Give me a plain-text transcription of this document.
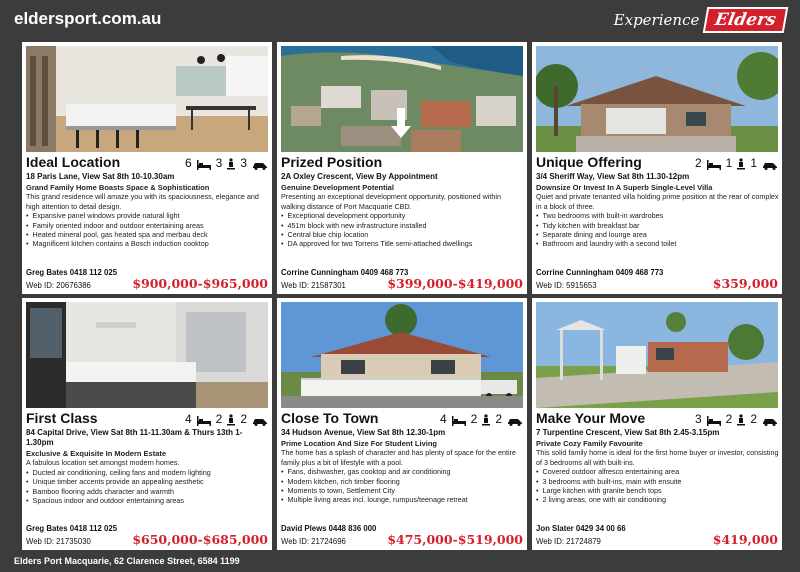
eldersport.com.au	Experience Elders
Ideal Location	6 3 3
18 Paris Lane, View Sat 8th 10-10.30am
Grand Family Home Boasts Space & Sophistication
This grand residence will amaze you with its spaciousness, elegance and high attention to detail design.
• Expansive panel windows provide natural light
• Family oriented indoor and outdoor entertaining areas
• Heated mineral pool, gas heated spa and merbau deck
• Magnificent kitchen contains a Bosch induction cooktop
Greg Bates 0418 112 025
Web ID: 20676386	$900,000-$965,000
Prized Position
2A Oxley Crescent, View By Appointment
Genuine Development Potential
Presenting an exceptional development opportunity, positioned within walking distance of Port Macquarie CBD.
• Exceptional development opportunity
• 451m block with new infrastructure installed
• Central blue chip location
• DA approved for two Torrens Title semi-attached dwellings
Corrine Cunningham 0409 468 773
Web ID: 21587301	$399,000-$419,000
Unique Offering	2 1 1
3/4 Sheriff Way, View Sat 8th 11.30-12pm
Downsize Or Invest In A Superb Single-Level Villa
Quiet and private tenanted villa holding prime position at the rear of complex in a block of three.
• Two bedrooms with built-in wardrobes
• Tidy kitchen with breakfast bar
• Separate dining and lounge area
• Bathroom and laundry with a second toilet
Corrine Cunningham 0409 468 773
Web ID: 5915653	$359,000
First Class	4 2 2
84 Capital Drive, View Sat 8th 11-11.30am & Thurs 13th 1-1.30pm
Exclusive & Exquisite In Modern Estate
A fabulous location set amongst modern homes.
• Ducted air conditioning, ceiling fans and modern lighting
• Unique timber accents provide an appealing aesthetic
• Bamboo flooring adds character and warmth
• Spacious indoor and outdoor entertaining areas
Greg Bates 0418 112 025
Web ID: 21735030	$650,000-$685,000
Close To Town	4 2 2
34 Hudson Avenue, View Sat 8th 12.30-1pm
Prime Location And Size For Student Living
The home has a splash of character and has plenty of space for the entire family plus a bit of lifestyle with a pool.
• Fans, dishwasher, gas cooktop and air conditioning
• Modern kitchen, rich timber flooring
• Moments to town, Settlement City
• Multiple living areas incl. lounge, rumpus/teenage retreat
David Plews 0448 836 000
Web ID: 21724696	$475,000-$519,000
Make Your Move	3 2 2
7 Turpentine Crescent, View Sat 8th 2.45-3.15pm
Private Cozy Family Favourite
This solid family home is ideal for the first home buyer or investor, consisting of 3 bedrooms all with built-ins.
• Covered outdoor alfresco entertaining area
• 3 bedrooms with built-ins, main with ensuite
• Large kitchen with granite bench tops
• 2 living areas, one with air conditioning
Jon Slater 0429 34 00 66
Web ID: 21724879	$419,000
Elders Port Macquarie, 62 Clarence Street, 6584 1199
